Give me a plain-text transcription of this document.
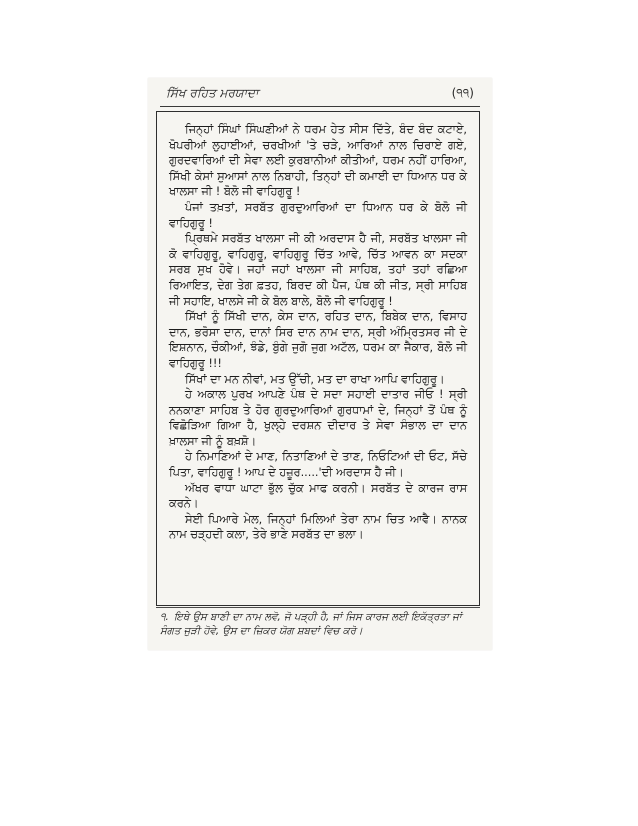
ਸਿੱਖ ਰਹਿਤ ਮਰਯਾਦਾ	(੧੧)

ਜਿਨ੍ਹਾਂ ਸਿੰਘਾਂ ਸਿੰਘਣੀਆਂ ਨੇ ਧਰਮ ਹੇਤ ਸੀਸ ਦਿੱਤੇ, ਬੰਦ ਬੰਦ ਕਟਾਏ, ਖੋਪਰੀਆਂ ਲੁਹਾਈਆਂ, ਚਰਖੀਆਂ 'ਤੇ ਚੜੇ, ਆਰਿਆਂ ਨਾਲ ਚਿਰਾਏ ਗਏ, ਗੁਰਦਵਾਰਿਆਂ ਦੀ ਸੇਵਾ ਲਈ ਕੁਰਬਾਨੀਆਂ ਕੀਤੀਆਂ, ਧਰਮ ਨਹੀਂ ਹਾਰਿਆ, ਸਿੱਖੀ ਕੇਸਾਂ ਸੁਆਸਾਂ ਨਾਲ ਨਿਬਾਹੀ, ਤਿਨ੍ਹਾਂ ਦੀ ਕਮਾਈ ਦਾ ਧਿਆਨ ਧਰ ਕੇ ਖਾਲਸਾ ਜੀ ! ਬੋਲੋ ਜੀ ਵਾਹਿਗੁਰੂ !

ਪੰਜਾਂ ਤਖ਼ਤਾਂ, ਸਰਬੱਤ ਗੁਰਦੁਆਰਿਆਂ ਦਾ ਧਿਆਨ ਧਰ ਕੇ ਬੋਲੋ ਜੀ ਵਾਹਿਗੁਰੂ !

ਪ੍ਰਿਥਮੇ ਸਰਬੱਤ ਖਾਲਸਾ ਜੀ ਕੀ ਅਰਦਾਸ ਹੈ ਜੀ, ਸਰਬੱਤ ਖਾਲਸਾ ਜੀ ਕੋ ਵਾਹਿਗੁਰੂ, ਵਾਹਿਗੁਰੂ, ਵਾਹਿਗੁਰੂ ਚਿੱਤ ਆਵੇ, ਚਿੱਤ ਆਵਨ ਕਾ ਸਦਕਾ ਸਰਬ ਸੁਖ ਹੋਵੇ। ਜਹਾਂ ਜਹਾਂ ਖਾਲਸਾ ਜੀ ਸਾਹਿਬ, ਤਹਾਂ ਤਹਾਂ ਰਛਿਆ ਰਿਆਇਤ, ਦੇਗ ਤੇਗ ਫ਼ਤਹ, ਬਿਰਦ ਕੀ ਪੈਜ, ਪੰਥ ਕੀ ਜੀਤ, ਸ੍ਰੀ ਸਾਹਿਬ ਜੀ ਸਹਾਇ, ਖਾਲਸੇ ਜੀ ਕੇ ਬੋਲ ਬਾਲੇ, ਬੋਲੋ ਜੀ ਵਾਹਿਗੁਰੂ !

ਸਿੱਖਾਂ ਨੂੰ ਸਿੱਖੀ ਦਾਨ, ਕੇਸ ਦਾਨ, ਰਹਿਤ ਦਾਨ, ਬਿਬੇਕ ਦਾਨ, ਵਿਸਾਹ ਦਾਨ, ਭਰੋਸਾ ਦਾਨ, ਦਾਨਾਂ ਸਿਰ ਦਾਨ ਨਾਮ ਦਾਨ, ਸ੍ਰੀ ਅੰਮ੍ਰਿਤਸਰ ਜੀ ਦੇ ਇਸ਼ਨਾਨ, ਚੌਕੀਆਂ, ਝੰਡੇ, ਬੁੰਗੇ ਜੁਗੋ ਜੁਗ ਅਟੱਲ, ਧਰਮ ਕਾ ਜੈਕਾਰ, ਬੋਲੋ ਜੀ ਵਾਹਿਗੁਰੂ !!!

ਸਿੱਖਾਂ ਦਾ ਮਨ ਨੀਵਾਂ, ਮਤ ਉੱਚੀ, ਮਤ ਦਾ ਰਾਖਾ ਆਪਿ ਵਾਹਿਗੁਰੂ।

ਹੇ ਅਕਾਲ ਪੁਰਖ ਆਪਣੇ ਪੰਥ ਦੇ ਸਦਾ ਸਹਾਈ ਦਾਤਾਰ ਜੀਓ ! ਸ੍ਰੀ ਨਨਕਾਣਾ ਸਾਹਿਬ ਤੇ ਹੋਰ ਗੁਰਦੁਆਰਿਆਂ ਗੁਰਧਾਮਾਂ ਦੇ, ਜਿਨ੍ਹਾਂ ਤੋਂ ਪੰਥ ਨੂੰ ਵਿਛੋੜਿਆ ਗਿਆ ਹੈ, ਖੁਲ੍ਹੇ ਦਰਸ਼ਨ ਦੀਦਾਰ ਤੇ ਸੇਵਾ ਸੰਭਾਲ ਦਾ ਦਾਨ ਖ਼ਾਲਸਾ ਜੀ ਨੂੰ ਬਖ਼ਸ਼ੋ।

ਹੇ ਨਿਮਾਣਿਆਂ ਦੇ ਮਾਣ, ਨਿਤਾਣਿਆਂ ਦੇ ਤਾਣ, ਨਿਓਟਿਆਂ ਦੀ ਓਟ, ਸੱਚੇ ਪਿਤਾ, ਵਾਹਿਗੁਰੂ ! ਆਪ ਦੇ ਹਜ਼ੂਰ.....'ਦੀ ਅਰਦਾਸ ਹੈ ਜੀ।

ਅੱਖਰ ਵਾਧਾ ਘਾਟਾ ਭੁੱਲ ਚੁੱਕ ਮਾਫ ਕਰਨੀ। ਸਰਬੱਤ ਦੇ ਕਾਰਜ ਰਾਸ ਕਰਨੇ।

ਸੇਈ ਪਿਆਰੇ ਮੇਲ, ਜਿਨ੍ਹਾਂ ਮਿਲਿਆਂ ਤੇਰਾ ਨਾਮ ਚਿਤ ਆਵੈ। ਨਾਨਕ ਨਾਮ ਚੜ੍ਹਦੀ ਕਲਾ, ਤੇਰੇ ਭਾਣੇ ਸਰਬੱਤ ਦਾ ਭਲਾ।

੧. ਇਥੇ ਉਸ ਬਾਣੀ ਦਾ ਨਾਮ ਲਵੋ, ਜੋ ਪੜ੍ਹੀ ਹੈ, ਜਾਂ ਜਿਸ ਕਾਰਜ ਲਈ ਇਕੱਤ੍ਰਤਾ ਜਾਂ ਸੰਗਤ ਜੁੜੀ ਹੋਵੇ, ਉਸ ਦਾ ਜ਼ਿਕਰ ਯੋਗ ਸ਼ਬਦਾਂ ਵਿਚ ਕਰੋ।
